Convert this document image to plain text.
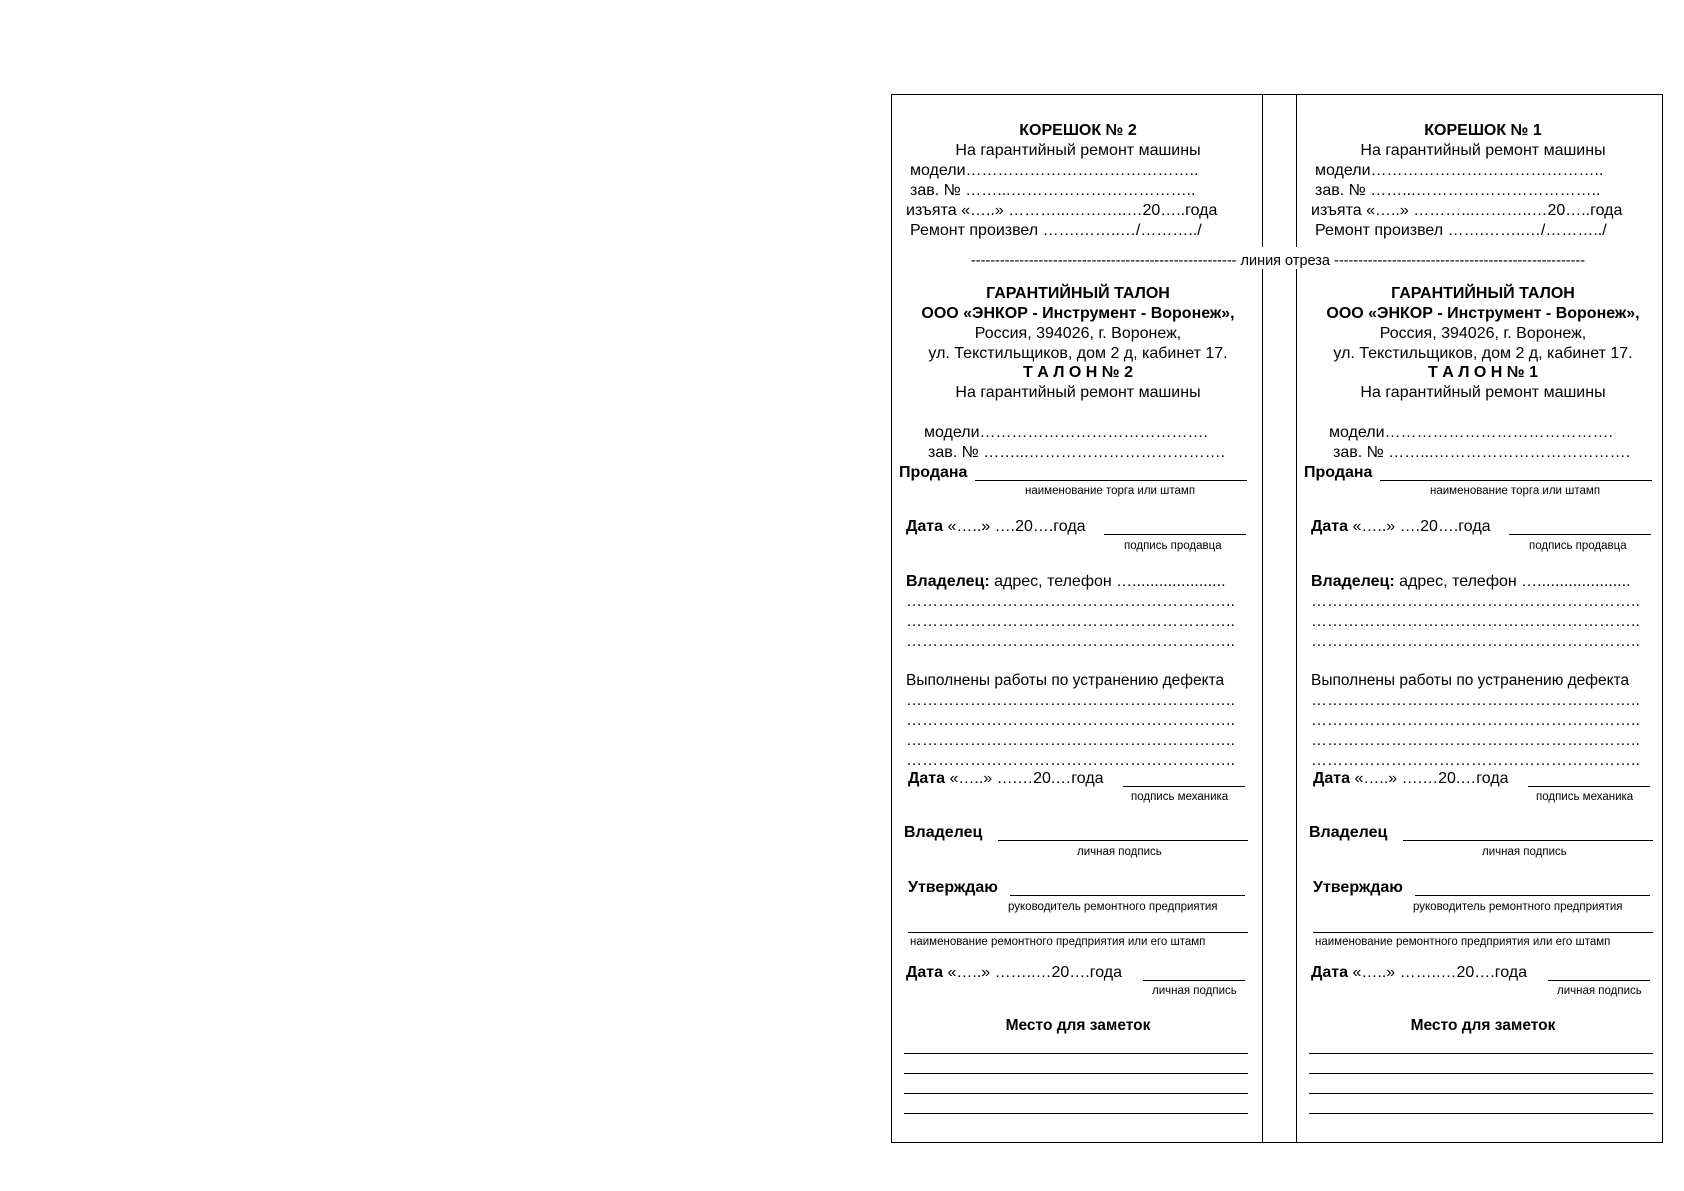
------------------------------------------------------- линия отреза ----------------------------------------------------
КОРЕШОК № 2
На гарантийный ремонт машины
модели……………………………………..
зав. № ……...……………………………..
изъята «…..» ………...………..…20…..года
Ремонт произвел …….……..…/………../
ГАРАНТИЙНЫЙ ТАЛОН
ООО «ЭНКОР - Инструмент - Воронеж»,
Россия, 394026, г. Воронеж,
ул. Текстильщиков, дом 2 д, кабинет 17.
Т А Л О Н № 2
На гарантийный ремонт машины
модели…………………………………….
зав. № ……...……………………………….
Продана
наименование торга или штамп
Дата «…..» ….20….года
подпись продавца
Владелец: адрес, телефон ….....................
……………………………………………………..
……………………………………………………..
……………………………………………………..
Выполнены работы по устранению дефекта
……………………………………………………..
……………………………………………………..
……………………………………………………..
……………………………………………………..
Дата «…..» ….…20.…года
подпись механика
Владелец
личная подпись
Утверждаю
руководитель ремонтного предприятия
наименование ремонтного предприятия или его штамп
Дата «…..» ……..…20….года
личная подпись
Место для заметок
КОРЕШОК № 1
На гарантийный ремонт машины
модели……………………………………..
зав. № ……...……………………………..
изъята «…..» ………...………..…20…..года
Ремонт произвел …….……..…/………../
ГАРАНТИЙНЫЙ ТАЛОН
ООО «ЭНКОР - Инструмент - Воронеж»,
Россия, 394026, г. Воронеж,
ул. Текстильщиков, дом 2 д, кабинет 17.
Т А Л О Н № 1
На гарантийный ремонт машины
модели…………………………………….
зав. № ……...……………………………….
Продана
наименование торга или штамп
Дата «…..» ….20….года
подпись продавца
Владелец: адрес, телефон ….....................
……………………………………………………..
……………………………………………………..
……………………………………………………..
Выполнены работы по устранению дефекта
……………………………………………………..
……………………………………………………..
……………………………………………………..
……………………………………………………..
Дата «…..» ….…20.…года
подпись механика
Владелец
личная подпись
Утверждаю
руководитель ремонтного предприятия
наименование ремонтного предприятия или его штамп
Дата «…..» ……..…20….года
личная подпись
Место для заметок
